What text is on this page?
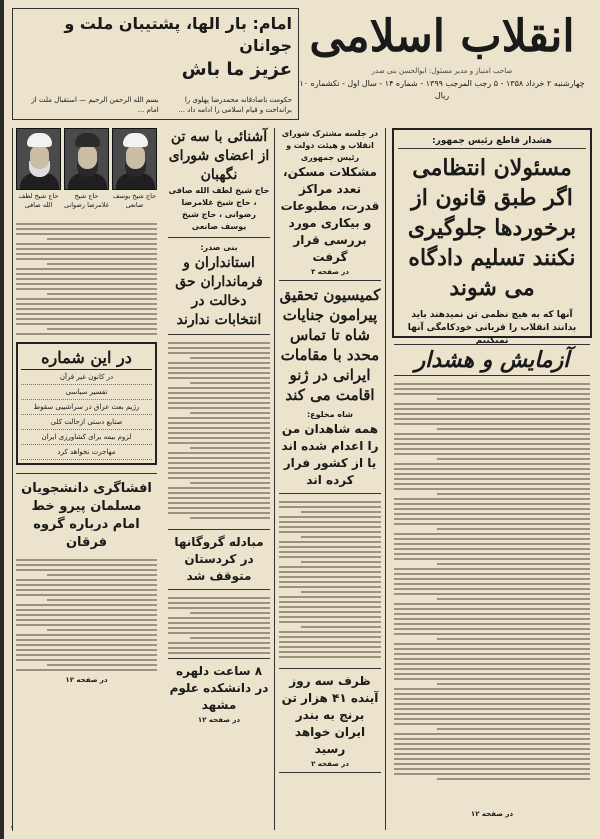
انقلاب اسلامی
صاحب امتیاز و مدیر مسئول: ابوالحسن بنی صدر
چهارشنبه ۲ خرداد ۱۳۵۸ - ۵ رجب المرجب ۱۳۹۹ - شماره ۱۴ - سال اول - تکشماره ۱۰ ریال
امام: بار الها، پشتیبان ملت و جوانان
عزیز ما باش
حکومت ناصادقانه محمدرضا پهلوی را برانداخت و قیام اسلامی را ادامه داد ... بسم الله الرحمن الرحیم — استقبال ملت از امام ...
هشدار قاطع رئیس جمهور:
مسئولان انتظامی اگر طبق قانون از برخوردها جلوگیری نکنند تسلیم دادگاه می شوند
آنها که به هیچ نظمی تن نمیدهند باید بدانند انقلاب را قربانی خودکامگی آنها نمیکنیم
آزمایش و هشدار
در صفحه ۱۲
در جلسه مشترک شورای انقلاب و هیئت دولت و رئیس جمهوری
مشکلات مسکن، تعدد مراکز قدرت، مطبوعات و بیکاری مورد بررسی قرار گرفت
در صفحه ۳
کمیسیون تحقیق پیرامون جنایات شاه تا تماس محدد با مقامات ایرانی در ژنو اقامت می کند
شاه مخلوع:
همه شاهدان من را اعدام شده اند یا از کشور فرار کرده اند
ظرف سه روز آینده ۴۱ هزار تن برنج به بندر ایران خواهد رسید
در صفحه ۲
آشنائی با سه تن از اعضای شورای نگهبان
حاج شیخ لطف الله صافی ، حاج شیخ غلامرضا رضوانی ، حاج شیخ یوسف صانعی
بنی صدر:
استانداران و فرمانداران حق دخالت در انتخابات ندارند
مبادله گروگانها در کردستان متوقف شد
۸ ساعت دلهره در دانشکده علوم مشهد
در صفحه ۱۲
حاج شیخ یوسف صانعی
حاج شیخ غلامرضا رضوانی
حاج شیخ لطف الله صافی
در این شماره
در کانون غیر قرآن
تفسیر سیاسی
رژیم بعث عراق در سراشیبی سقوط
صنایع دستی ازحالت کلی
لزوم بیمه برای کشاورزی ایران
مهاجرت نخواهد کرد
افشاگری دانشجویان مسلمان پیرو خط امام درباره گروه فرقان
در صفحه ۱۲
۱
